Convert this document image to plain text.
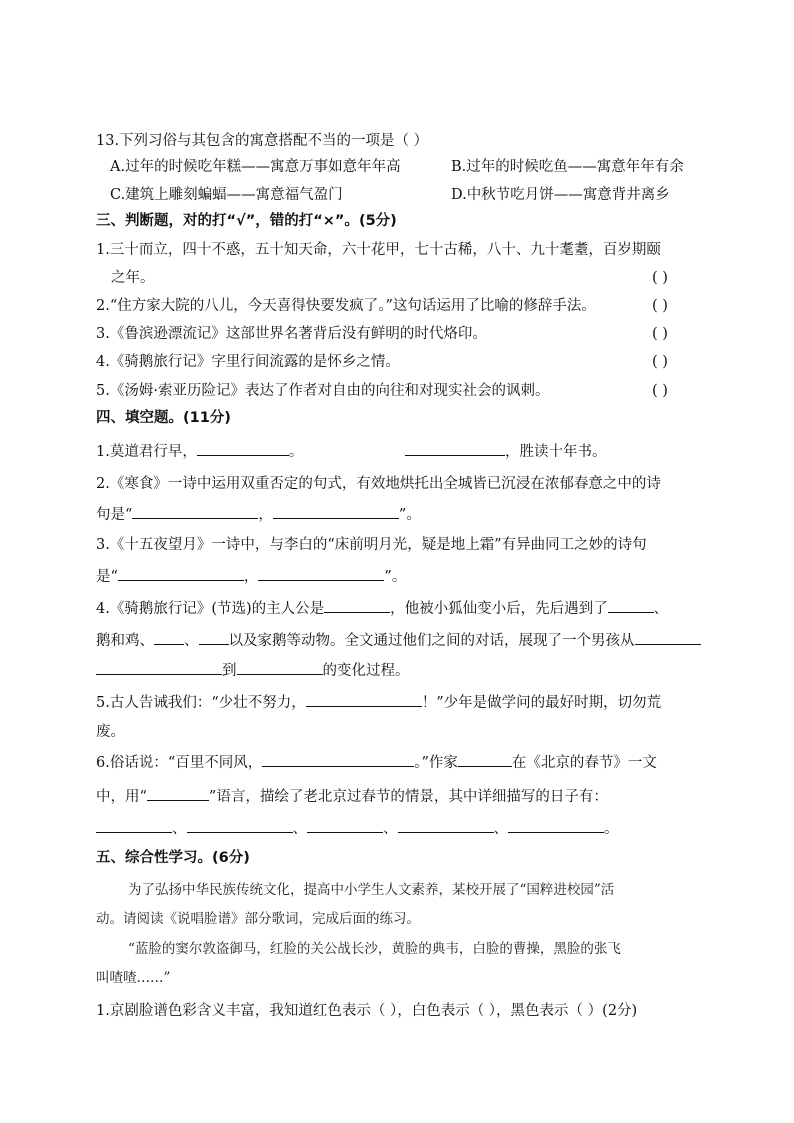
13.下列习俗与其包含的寓意搭配不当的一项是（ ）
A.过年的时候吃年糕——寓意万事如意年年高	B.过年的时候吃鱼——寓意年年有余
C.建筑上雕刻蝙蝠——寓意福气盈门	D.中秋节吃月饼——寓意背井离乡
三、判断题，对的打“√”，错的打“×”。(5分)
1.三十而立，四十不惑，五十知天命，六十花甲，七十古稀，八十、九十耄耋，百岁期颐
之年。	( )
2.“住方家大院的八儿，今天喜得快要发疯了。”这句话运用了比喻的修辞手法。	( )
3.《鲁滨逊漂流记》这部世界名著背后没有鲜明的时代烙印。	( )
4.《骑鹅旅行记》字里行间流露的是怀乡之情。	( )
5.《汤姆·索亚历险记》表达了作者对自由的向往和对现实社会的讽刺。	( )
四、填空题。(11分)
1.莫道君行早，	。	，胜读十年书。
2.《寒食》一诗中运用双重否定的句式，有效地烘托出全城皆已沉浸在浓郁春意之中的诗
句是“	，	”。
3.《十五夜望月》一诗中，与李白的“床前明月光，疑是地上霜”有异曲同工之妙的诗句
是“	，	”。
4.《骑鹅旅行记》(节选)的主人公是	，他被小狐仙变小后，先后遇到了	、
鹅和鸡、 、 以及家鹅等动物。全文通过他们之间的对话，展现了一个男孩从
到	的变化过程。
5.古人告诫我们：“少壮不努力，	！”少年是做学问的最好时期，切勿荒
废。
6.俗话说：“百里不同风，	。”作家	在《北京的春节》一文
中，用“	”语言，描绘了老北京过春节的情景，其中详细描写的日子有：
、	、	、	、	。
五、综合性学习。(6分)
为了弘扬中华民族传统文化，提高中小学生人文素养，某校开展了“国粹进校园”活
动。请阅读《说唱脸谱》部分歌词，完成后面的练习。
“蓝脸的窦尔敦盗御马，红脸的关公战长沙，黄脸的典韦，白脸的曹操，黑脸的张飞
叫喳喳……”
1.京剧脸谱色彩含义丰富，我知道红色表示（ ），白色表示（ ），黑色表示（ ）(2分)
